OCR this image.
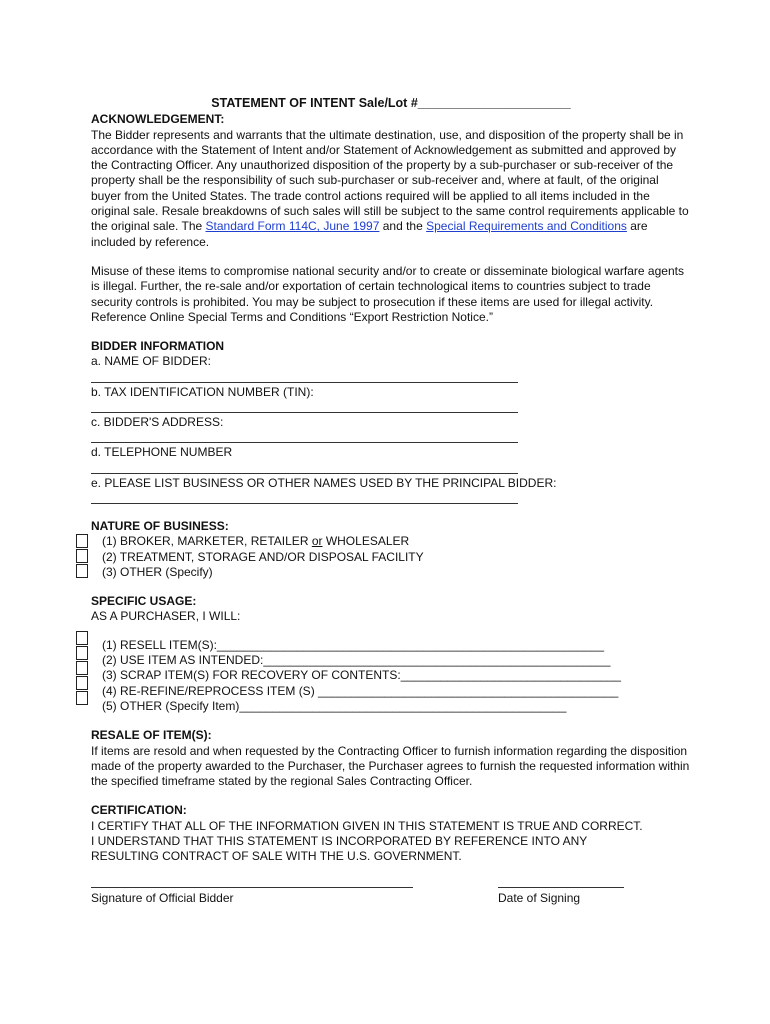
STATEMENT OF INTENT Sale/Lot #______________________
ACKNOWLEDGEMENT:

The Bidder represents and warrants that the ultimate destination, use, and disposition of the property shall be in accordance with the Statement of Intent and/or Statement of Acknowledgement as submitted and approved by the Contracting Officer. Any unauthorized disposition of the property by a sub-purchaser or sub-receiver of the property shall be the responsibility of such sub-purchaser or sub-receiver and, where at fault, of the original buyer from the United States. The trade control actions required will be applied to all items included in the original sale. Resale breakdowns of such sales will still be subject to the same control requirements applicable to the original sale. The Standard Form 114C, June 1997 and the Special Requirements and Conditions are included by reference.

Misuse of these items to compromise national security and/or to create or disseminate biological warfare agents is illegal. Further, the re-sale and/or exportation of certain technological items to countries subject to trade security controls is prohibited. You may be subject to prosecution if these items are used for illegal activity. Reference Online Special Terms and Conditions “Export Restriction Notice.”

BIDDER INFORMATION
a. NAME OF BIDDER:
b. TAX IDENTIFICATION NUMBER (TIN):
c. BIDDER'S ADDRESS:
d. TELEPHONE NUMBER
e. PLEASE LIST BUSINESS OR OTHER NAMES USED BY THE PRINCIPAL BIDDER:
NATURE OF BUSINESS:
(1) BROKER, MARKETER, RETAILER or WHOLESALER
(2) TREATMENT, STORAGE AND/OR DISPOSAL FACILITY
(3) OTHER (Specify)
SPECIFIC USAGE:
AS A PURCHASER, I WILL:
(1) RESELL ITEM(S):__________________________________________________________
(2) USE ITEM AS INTENDED:____________________________________________________
(3) SCRAP ITEM(S) FOR RECOVERY OF CONTENTS:_________________________________
(4) RE-REFINE/REPROCESS ITEM (S) _____________________________________________
(5) OTHER (Specify Item)_________________________________________________
RESALE OF ITEM(S):

If items are resold and when requested by the Contracting Officer to furnish information regarding the disposition made of the property awarded to the Purchaser, the Purchaser agrees to furnish the requested information within the specified timeframe stated by the regional Sales Contracting Officer.

CERTIFICATION:
I CERTIFY THAT ALL OF THE INFORMATION GIVEN IN THIS STATEMENT IS TRUE AND CORRECT.
I UNDERSTAND THAT THIS STATEMENT IS INCORPORATED BY REFERENCE INTO ANY
RESULTING CONTRACT OF SALE WITH THE U.S. GOVERNMENT.
Signature of Official Bidder	Date of Signing
